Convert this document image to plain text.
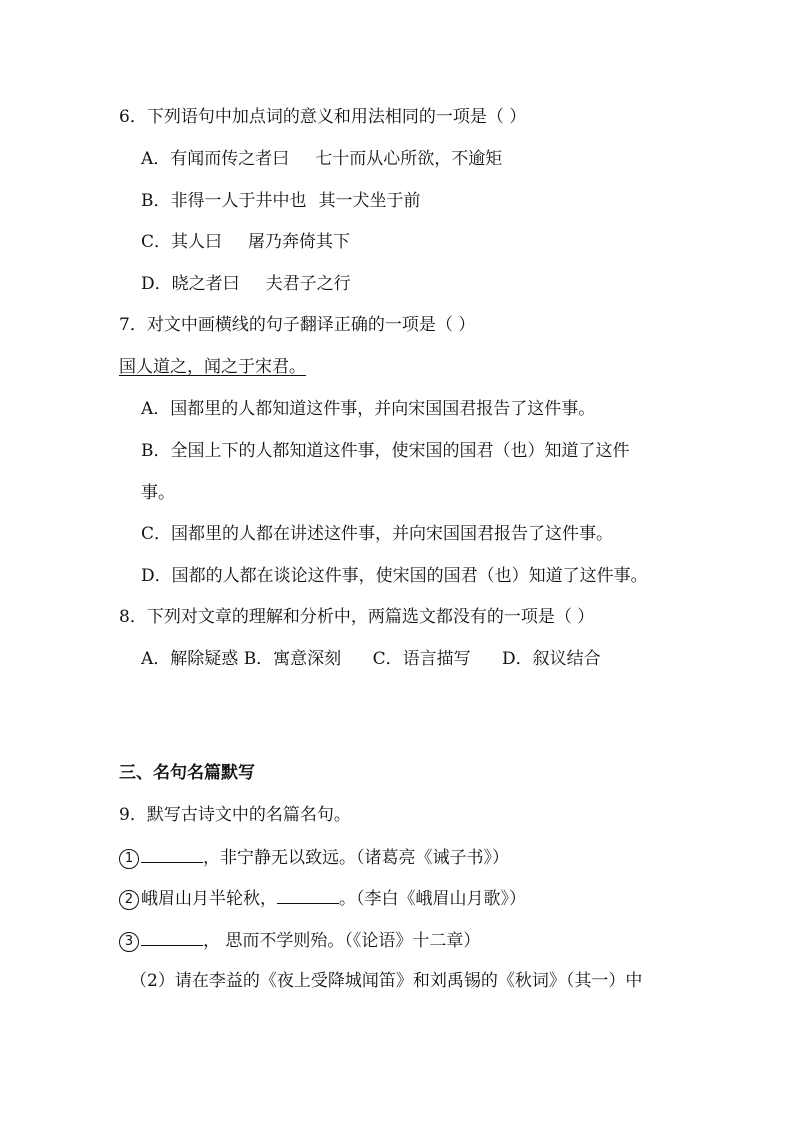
6．下列语句中加点词的意义和用法相同的一项是（ ）
A．有闻而传之者曰 七十而从心所欲，不逾矩
B．非得一人于井中也 其一犬坐于前
C．其人曰 屠乃奔倚其下
D．晓之者曰 夫君子之行
7．对文中画横线的句子翻译正确的一项是（ ）
国人道之，闻之于宋君。
A．国都里的人都知道这件事，并向宋国国君报告了这件事。
B．全国上下的人都知道这件事，使宋国的国君（也）知道了这件
事。
C．国都里的人都在讲述这件事，并向宋国国君报告了这件事。
D．国都的人都在谈论这件事，使宋国的国君（也）知道了这件事。
8．下列对文章的理解和分析中，两篇选文都没有的一项是（ ）
A．解除疑惑 B．寓意深刻 C．语言描写 D．叙议结合
三、名句名篇默写
9．默写古诗文中的名篇名句。
1	，非宁静无以致远。（诸葛亮《诫子书》）
2 峨眉山月半轮秋，	。（李白《峨眉山月歌》）
3	， 思而不学则殆。（《论语》十二章）
（2）请在李益的《夜上受降城闻笛》和刘禹锡的《秋词》（其一）中
